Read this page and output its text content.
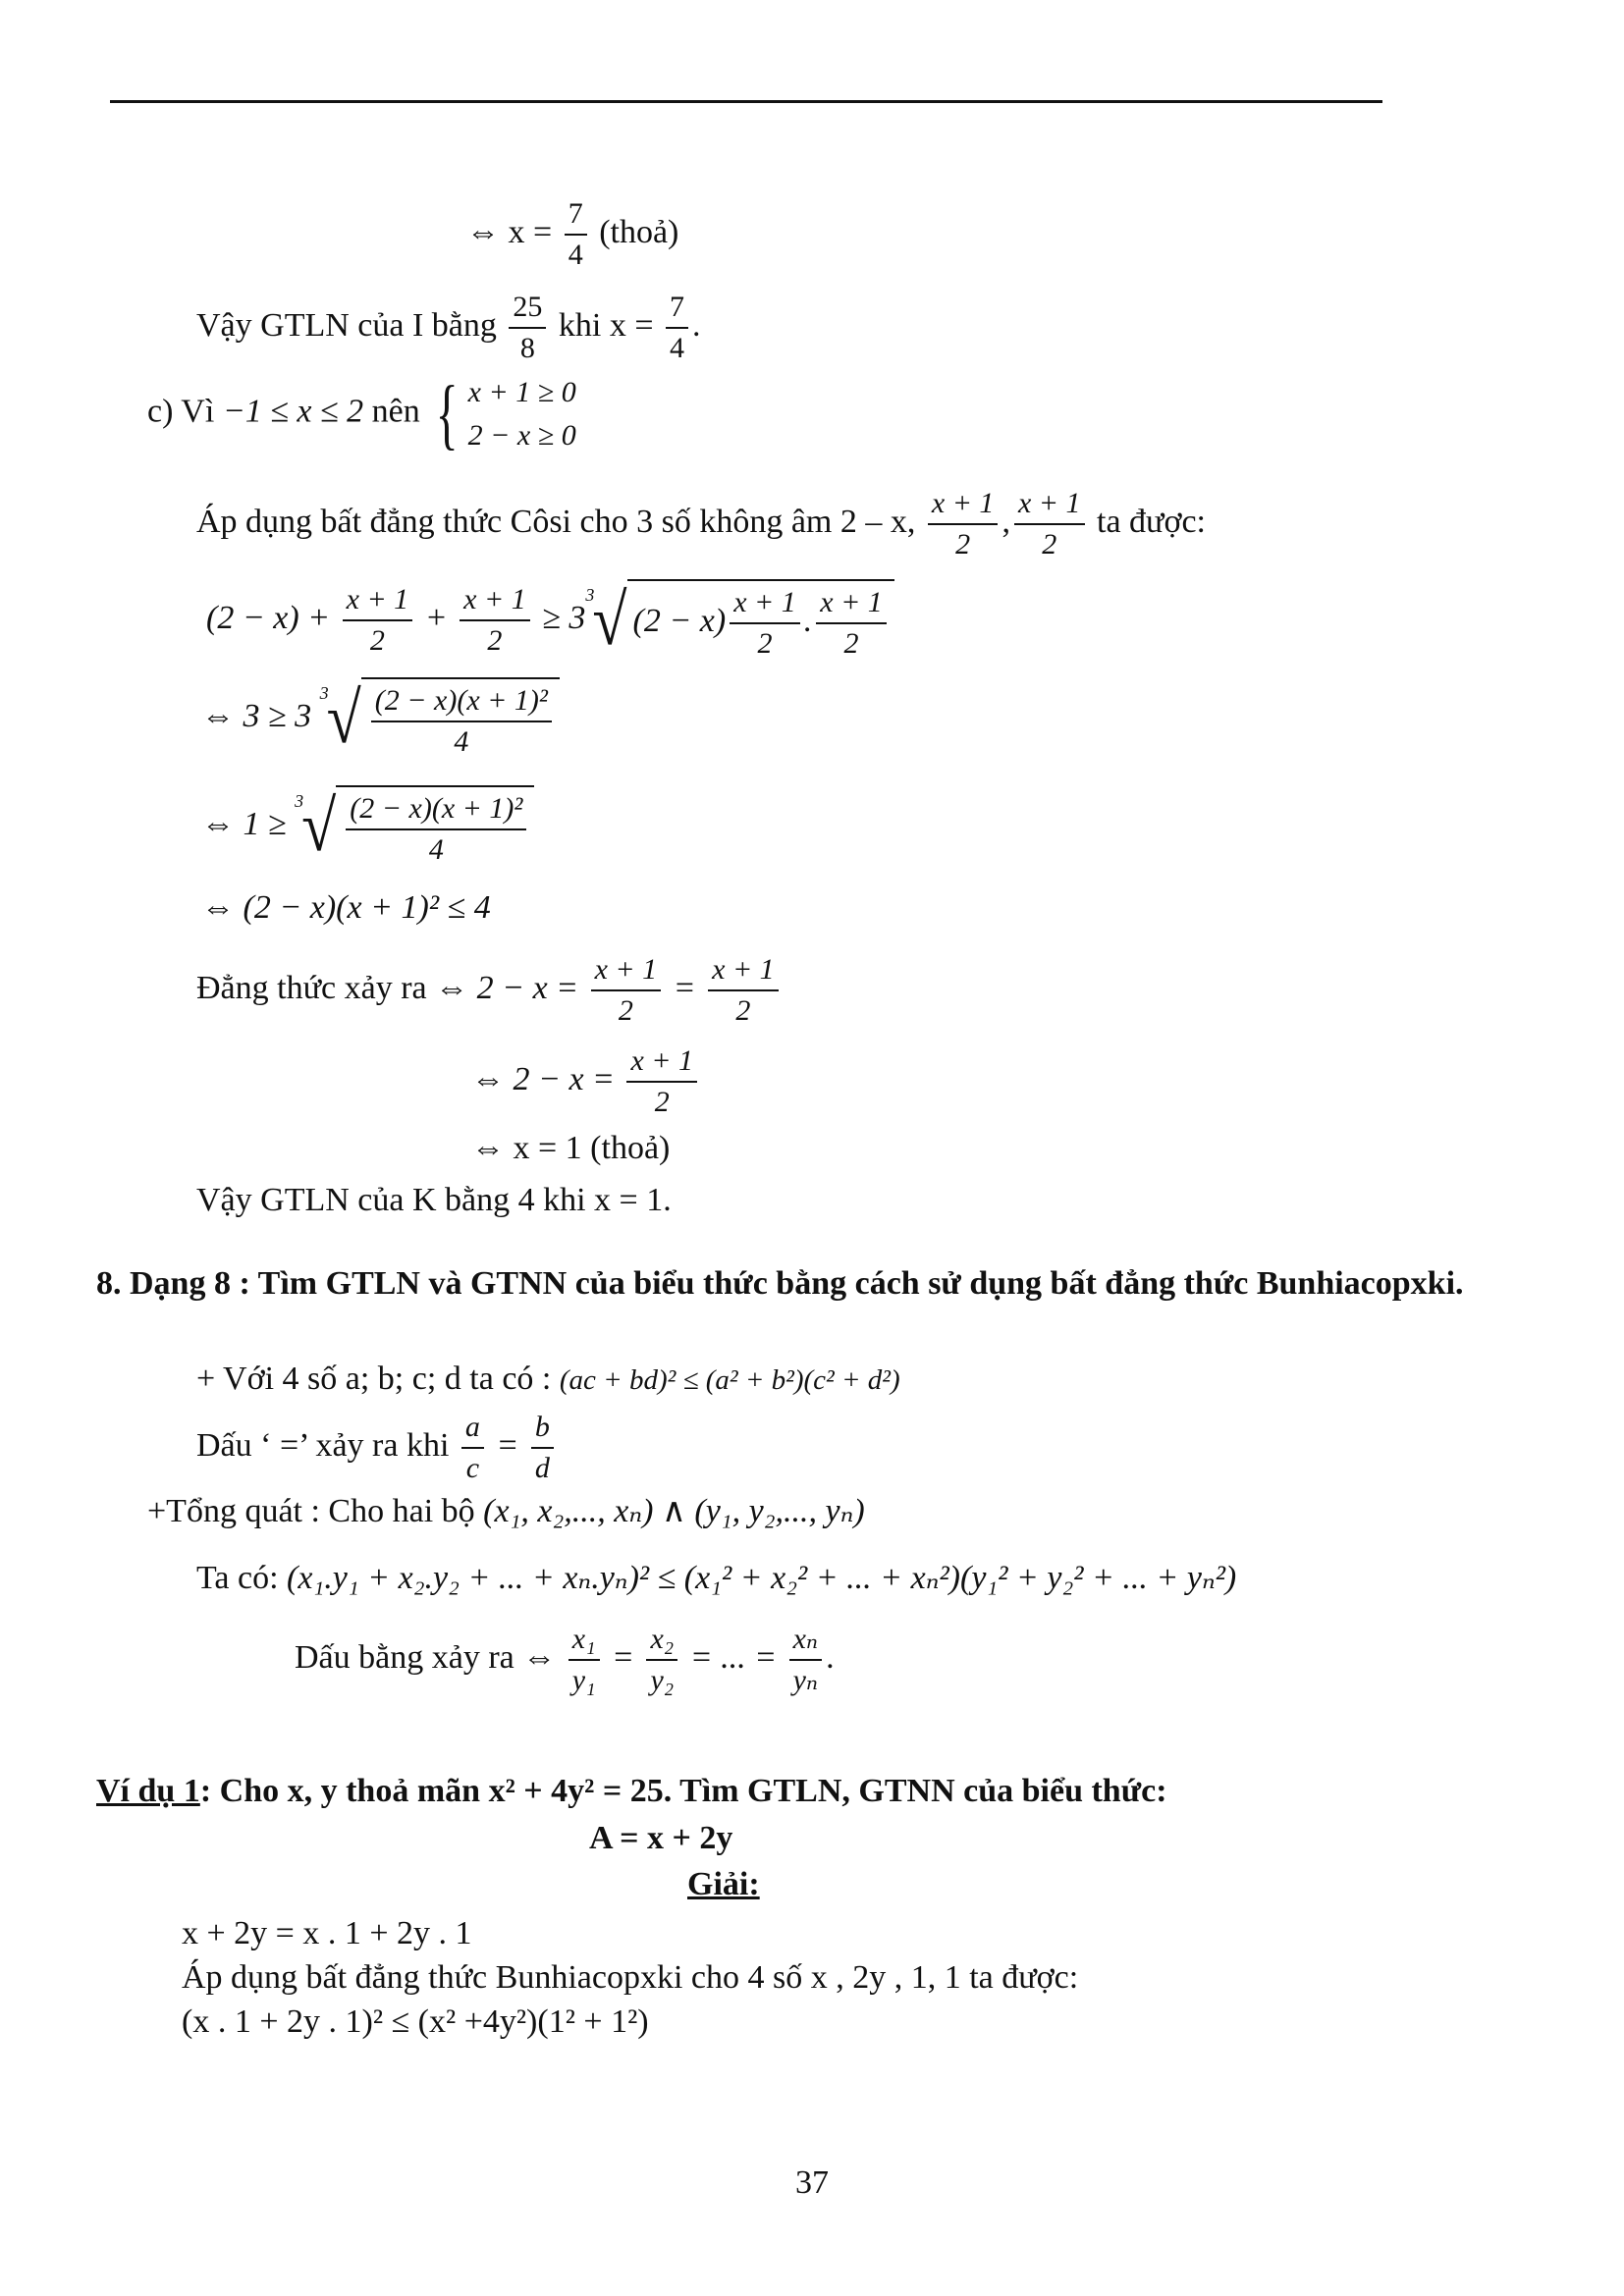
⇔ $x = \frac{7}{4}$ (thoả)
Vậy GTLN của I bằng $\frac{25}{8}$ khi $x = \frac{7}{4}$ .
c) Vì −1 ≤ x ≤ 2 nên { x + 1 ≥ 0
2 − x ≥ 0
Áp dụng bất đẳng thức Côsi cho 3 số không âm 2 – x, $\frac{x + 1}{2}$ , $\frac{x + 1}{2}$ ta được:
$(2 - x) + \frac{x + 1}{2} + \frac{x + 1}{2} \ge 3$
3
√ $(2 - x) \frac{x + 1}{2}$ . $\frac{x + 1}{2}$
⇔ 3 ≥ 3
3
√ $\frac{\text{(2 − x)(x + 1)²}}{4}$
⇔ 1 ≥
3
√ $\frac{\text{(2 − x)(x + 1)²}}{4}$
⇔ (2 − x)(x + 1)² ≤ 4
Đẳng thức xảy ra ⇔ $2 - x = \frac{x + 1}{2} = \frac{x + 1}{2}$
⇔ $2 - x = \frac{x + 1}{2}$
⇔ x = 1 (thoả)
Vậy GTLN của K bằng 4 khi x = 1.
8. Dạng 8 : Tìm GTLN và GTNN của biểu thức bằng cách sử dụng bất đẳng thức Bunhiacopxki.
+ Với 4 số a; b; c; d ta có : (ac + bd)² ≤ (a² + b²)(c² + d²)
Dấu ‘ =’ xảy ra khi $\frac{a}{c} = \frac{b}{d}$
+Tổng quát : Cho hai bộ (x₁, x₂,..., xₙ) ∧ (y₁, y₂,..., yₙ)
Ta có: (x₁.y₁ + x₂.y₂ + ... + xₙ.yₙ)² ≤ (x₁² + x₂² + ... + xₙ²)(y₁² + y₂² + ... + yₙ²)
Dấu bằng xảy ra ⇔ $\frac{\text{x₁}}{\text{y₁}} = \frac{\text{x₂}}{\text{y₂}}$ = ... = $\frac{\text{xₙ}}{\text{yₙ}}$ .
Ví dụ 1: Cho x, y thoả mãn x² + 4y² = 25. Tìm GTLN, GTNN của biểu thức:
A = x + 2y
Giải:
x + 2y = x . 1 + 2y . 1
Áp dụng bất đẳng thức Bunhiacopxki cho 4 số x , 2y , 1, 1 ta được:
(x . 1 + 2y . 1)² ≤ (x² +4y²)(1² + 1²)
37
